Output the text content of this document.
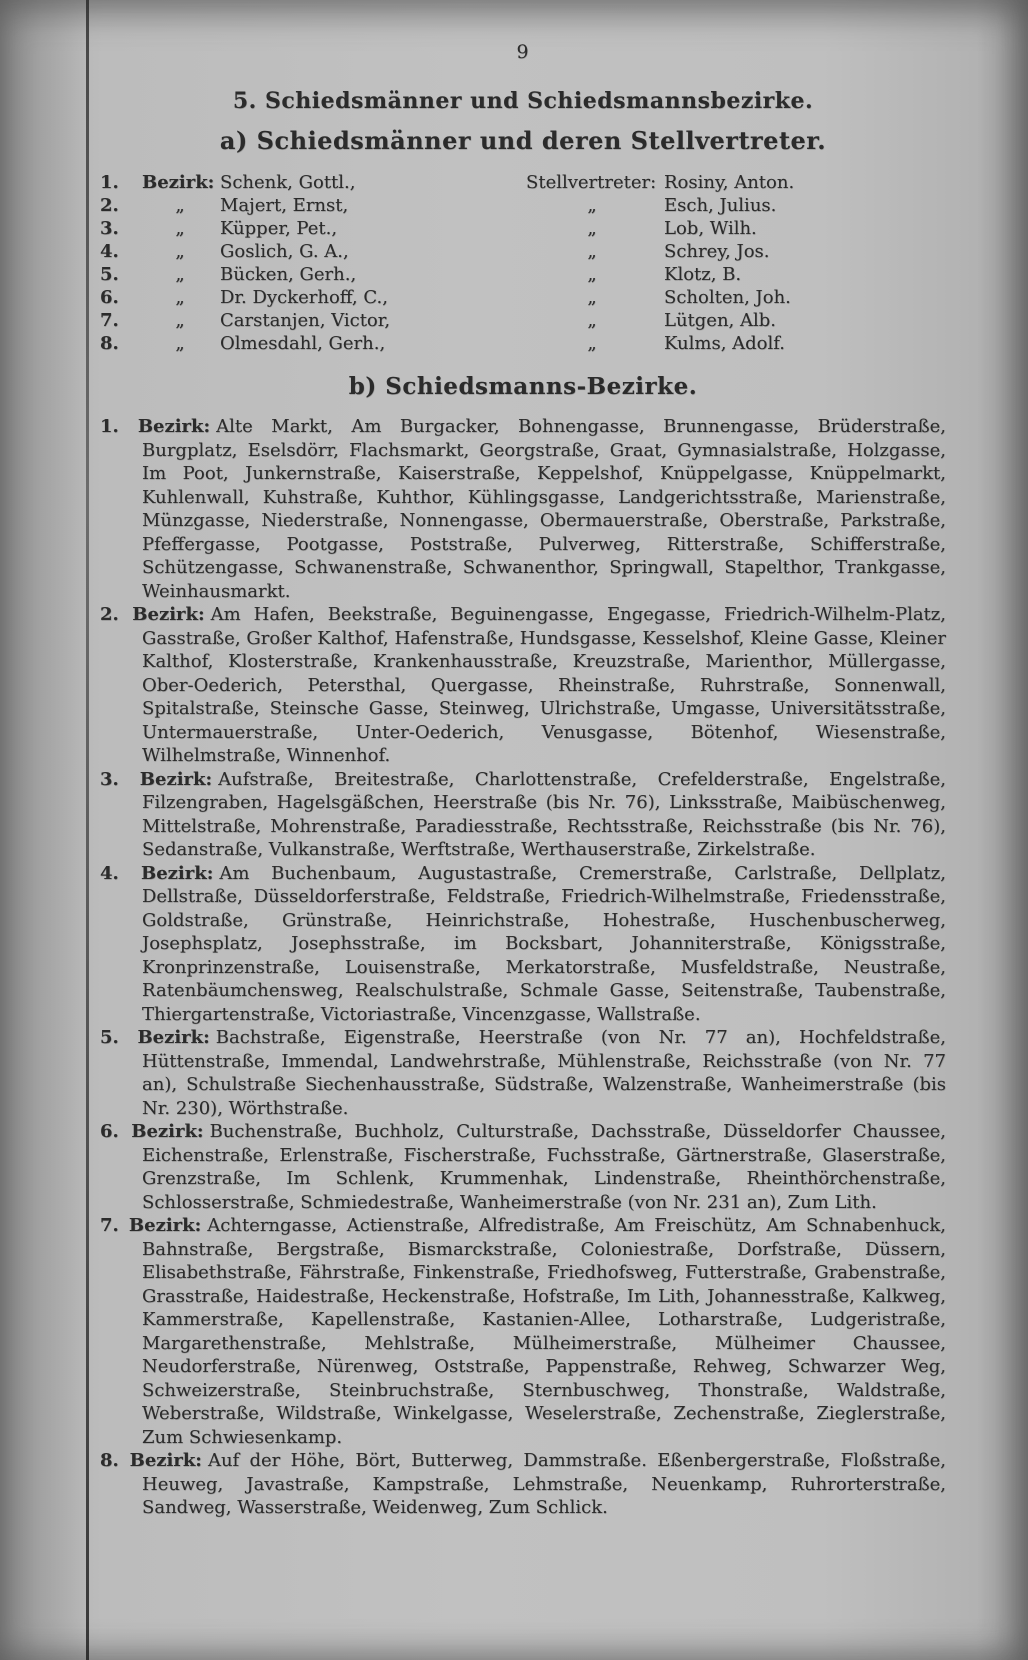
9
5. Schiedsmänner und Schiedsmannsbezirke.
a) Schiedsmänner und deren Stellvertreter.
1.	Bezirk: Schenk, Gottl.,	Stellvertreter: Rosiny, Anton.
2.	„	Majert, Ernst,	„	Esch, Julius.
3.	„	Küpper, Pet.,	„	Lob, Wilh.
4.	„	Goslich, G. A.,	„	Schrey, Jos.
5.	„	Bücken, Gerh.,	„	Klotz, B.
6.	„	Dr. Dyckerhoff, C.,	„	Scholten, Joh.
7.	„	Carstanjen, Victor,	„	Lütgen, Alb.
8.	„	Olmesdahl, Gerh.,	„	Kulms, Adolf.
b) Schiedsmanns-Bezirke.

1. Bezirk: Alte Markt, Am Burgacker, Bohnengasse, Brunnengasse, Brüderstraße, Burgplatz, Eselsdörr, Flachsmarkt, Georgstraße, Graat, Gymnasialstraße, Holzgasse, Im Poot, Junkernstraße, Kaiserstraße, Keppelshof, Knüppelgasse, Knüppelmarkt, Kuhlenwall, Kuhstraße, Kuhthor, Kühlingsgasse, Landgerichtsstraße, Marienstraße, Münzgasse, Niederstraße, Nonnengasse, Obermauerstraße, Oberstraße, Parkstraße, Pfeffergasse, Pootgasse, Poststraße, Pulverweg, Ritterstraße, Schifferstraße, Schützengasse, Schwanenstraße, Schwanenthor, Springwall, Stapelthor, Trankgasse, Weinhausmarkt.

2. Bezirk: Am Hafen, Beekstraße, Beguinengasse, Engegasse, Friedrich-Wilhelm-Platz, Gasstraße, Großer Kalthof, Hafenstraße, Hundsgasse, Kesselshof, Kleine Gasse, Kleiner Kalthof, Klosterstraße, Krankenhausstraße, Kreuzstraße, Marienthor, Müllergasse, Ober-Oederich, Petersthal, Quergasse, Rheinstraße, Ruhrstraße, Sonnenwall, Spitalstraße, Steinsche Gasse, Steinweg, Ulrichstraße, Umgasse, Universitätsstraße, Untermauerstraße, Unter-Oederich, Venusgasse, Bötenhof, Wiesenstraße, Wilhelmstraße, Winnenhof.

3. Bezirk: Aufstraße, Breitestraße, Charlottenstraße, Crefelderstraße, Engelstraße, Filzengraben, Hagelsgäßchen, Heerstraße (bis Nr. 76), Linksstraße, Maibüschenweg, Mittelstraße, Mohrenstraße, Paradiesstraße, Rechtsstraße, Reichsstraße (bis Nr. 76), Sedanstraße, Vulkanstraße, Werftstraße, Werthauserstraße, Zirkelstraße.

4. Bezirk: Am Buchenbaum, Augustastraße, Cremerstraße, Carlstraße, Dellplatz, Dellstraße, Düsseldorferstraße, Feldstraße, Friedrich-Wilhelmstraße, Friedensstraße, Goldstraße, Grünstraße, Heinrichstraße, Hohestraße, Huschenbuscherweg, Josephsplatz, Josephsstraße, im Bocksbart, Johanniterstraße, Königsstraße, Kronprinzenstraße, Louisenstraße, Merkatorstraße, Musfeldstraße, Neustraße, Ratenbäumchensweg, Realschulstraße, Schmale Gasse, Seitenstraße, Taubenstraße, Thiergartenstraße, Victoriastraße, Vincenzgasse, Wallstraße.

5. Bezirk: Bachstraße, Eigenstraße, Heerstraße (von Nr. 77 an), Hochfeldstraße, Hüttenstraße, Immendal, Landwehrstraße, Mühlenstraße, Reichsstraße (von Nr. 77 an), Schulstraße Siechenhausstraße, Südstraße, Walzenstraße, Wanheimerstraße (bis Nr. 230), Wörthstraße.

6. Bezirk: Buchenstraße, Buchholz, Culturstraße, Dachsstraße, Düsseldorfer Chaussee, Eichenstraße, Erlenstraße, Fischerstraße, Fuchsstraße, Gärtnerstraße, Glaserstraße, Grenzstraße, Im Schlenk, Krummenhak, Lindenstraße, Rheinthörchenstraße, Schlosserstraße, Schmiedestraße, Wanheimerstraße (von Nr. 231 an), Zum Lith.

7. Bezirk: Achterngasse, Actienstraße, Alfredistraße, Am Freischütz, Am Schnabenhuck, Bahnstraße, Bergstraße, Bismarckstraße, Coloniestraße, Dorfstraße, Düssern, Elisabethstraße, Fährstraße, Finkenstraße, Friedhofsweg, Futterstraße, Grabenstraße, Grasstraße, Haidestraße, Heckenstraße, Hofstraße, Im Lith, Johannesstraße, Kalkweg, Kammerstraße, Kapellenstraße, Kastanien-Allee, Lotharstraße, Ludgeristraße, Margarethenstraße, Mehlstraße, Mülheimerstraße, Mülheimer Chaussee, Neudorferstraße, Nürenweg, Oststraße, Pappenstraße, Rehweg, Schwarzer Weg, Schweizerstraße, Steinbruchstraße, Sternbuschweg, Thonstraße, Waldstraße, Weberstraße, Wildstraße, Winkelgasse, Weselerstraße, Zechenstraße, Zieglerstraße, Zum Schwiesenkamp.

8. Bezirk: Auf der Höhe, Bört, Butterweg, Dammstraße. Eßenbergerstraße, Floßstraße, Heuweg, Javastraße, Kampstraße, Lehmstraße, Neuenkamp, Ruhrorterstraße, Sandweg, Wasserstraße, Weidenweg, Zum Schlick.
